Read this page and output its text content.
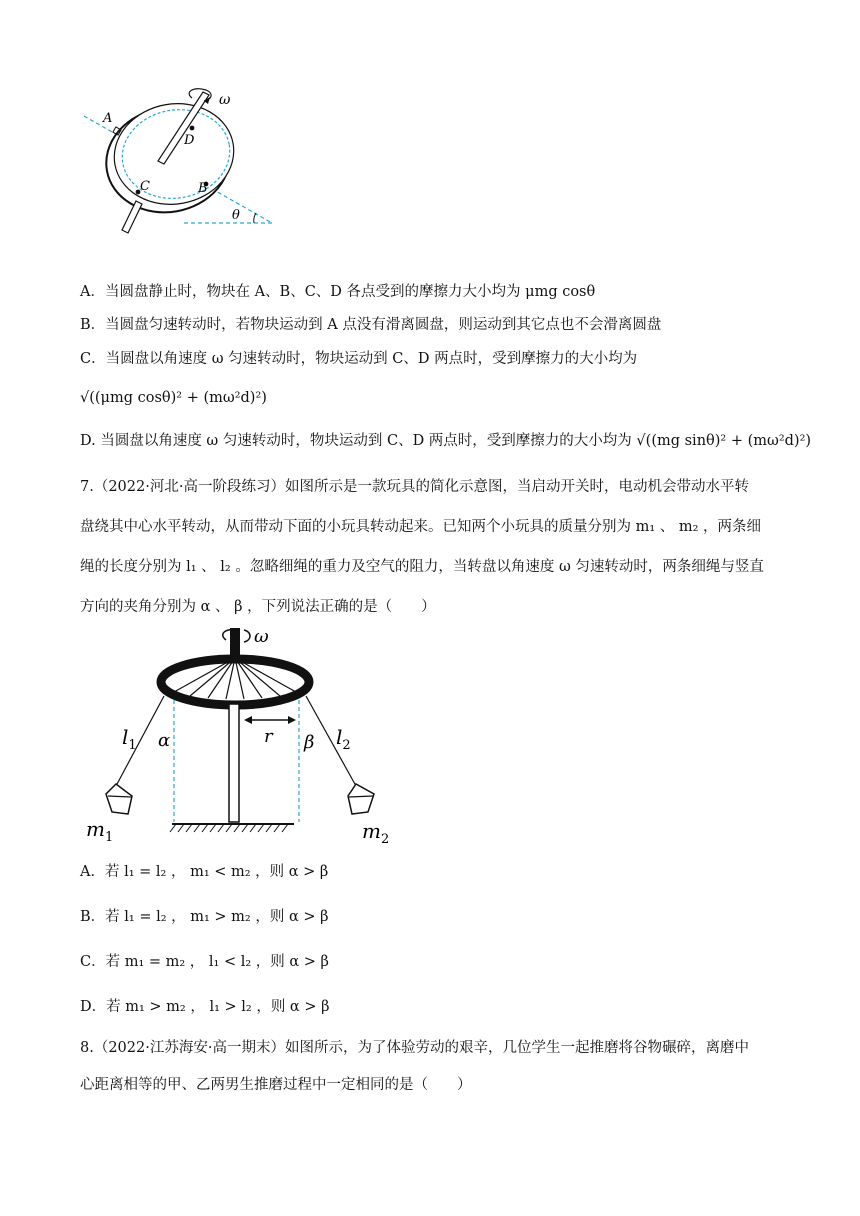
A
B
C
D
ω
θ
A．当圆盘静止时，物块在 A、B、C、D 各点受到的摩擦力大小均为 μmg cosθ
B．当圆盘匀速转动时，若物块运动到 A 点没有滑离圆盘，则运动到其它点也不会滑离圆盘
C．当圆盘以角速度 ω 匀速转动时，物块运动到 C、D 两点时，受到摩擦力的大小均为
√((μmg cosθ)² + (mω²d)²)
D. 当圆盘以角速度 ω 匀速转动时，物块运动到 C、D 两点时，受到摩擦力的大小均为 √((mg sinθ)² + (mω²d)²)
7.（2022·河北·高一阶段练习）如图所示是一款玩具的简化示意图，当启动开关时，电动机会带动水平转
盘绕其中心水平转动，从而带动下面的小玩具转动起来。已知两个小玩具的质量分别为 m₁ 、 m₂ ，两条细
绳的长度分别为 l₁ 、 l₂ 。忽略细绳的重力及空气的阻力，当转盘以角速度 ω 匀速转动时，两条细绳与竖直
方向的夹角分别为 α 、 β ，下列说法正确的是（　　）
ω
r
α	β
$l_1$	$l_2$
$m_1$	$m_2$
A．若 l₁ = l₂ ， m₁ < m₂ ，则 α > β
B．若 l₁ = l₂ ， m₁ > m₂ ，则 α > β
C．若 m₁ = m₂ ， l₁ < l₂ ，则 α > β
D．若 m₁ > m₂ ， l₁ > l₂ ，则 α > β
8.（2022·江苏海安·高一期末）如图所示，为了体验劳动的艰辛，几位学生一起推磨将谷物碾碎，离磨中
心距离相等的甲、乙两男生推磨过程中一定相同的是（　　）
